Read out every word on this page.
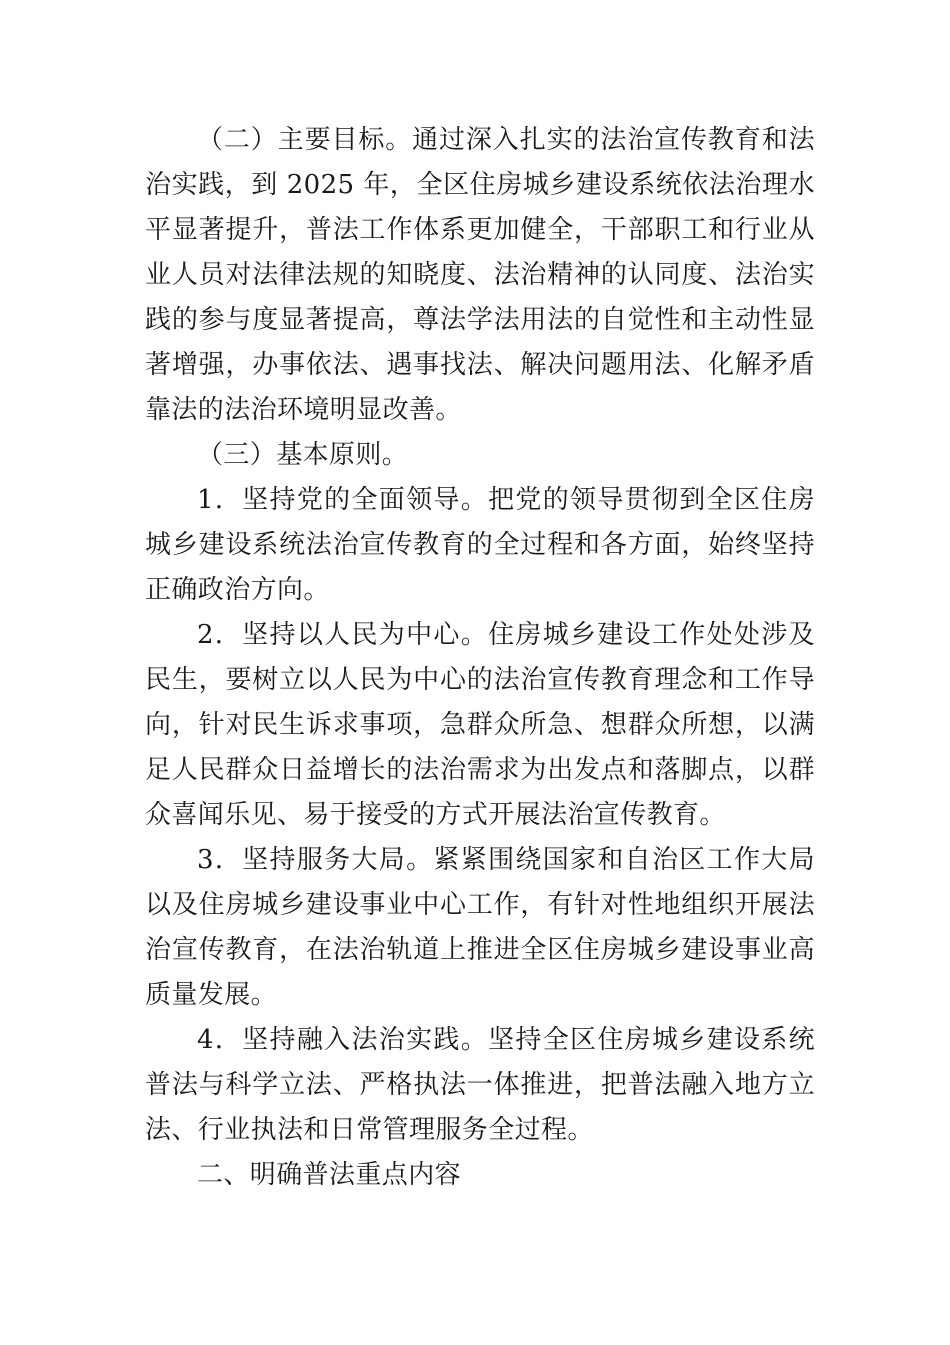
（二）主要目标。通过深入扎实的法治宣传教育和法治实践，到 2025 年，全区住房城乡建设系统依法治理水平显著提升，普法工作体系更加健全，干部职工和行业从业人员对法律法规的知晓度、法治精神的认同度、法治实践的参与度显著提高，尊法学法用法的自觉性和主动性显著增强，办事依法、遇事找法、解决问题用法、化解矛盾靠法的法治环境明显改善。

（三）基本原则。

1．坚持党的全面领导。把党的领导贯彻到全区住房城乡建设系统法治宣传教育的全过程和各方面，始终坚持正确政治方向。

2．坚持以人民为中心。住房城乡建设工作处处涉及民生，要树立以人民为中心的法治宣传教育理念和工作导向，针对民生诉求事项，急群众所急、想群众所想，以满足人民群众日益增长的法治需求为出发点和落脚点，以群众喜闻乐见、易于接受的方式开展法治宣传教育。

3．坚持服务大局。紧紧围绕国家和自治区工作大局以及住房城乡建设事业中心工作，有针对性地组织开展法治宣传教育，在法治轨道上推进全区住房城乡建设事业高质量发展。

4．坚持融入法治实践。坚持全区住房城乡建设系统普法与科学立法、严格执法一体推进，把普法融入地方立法、行业执法和日常管理服务全过程。

二、明确普法重点内容
